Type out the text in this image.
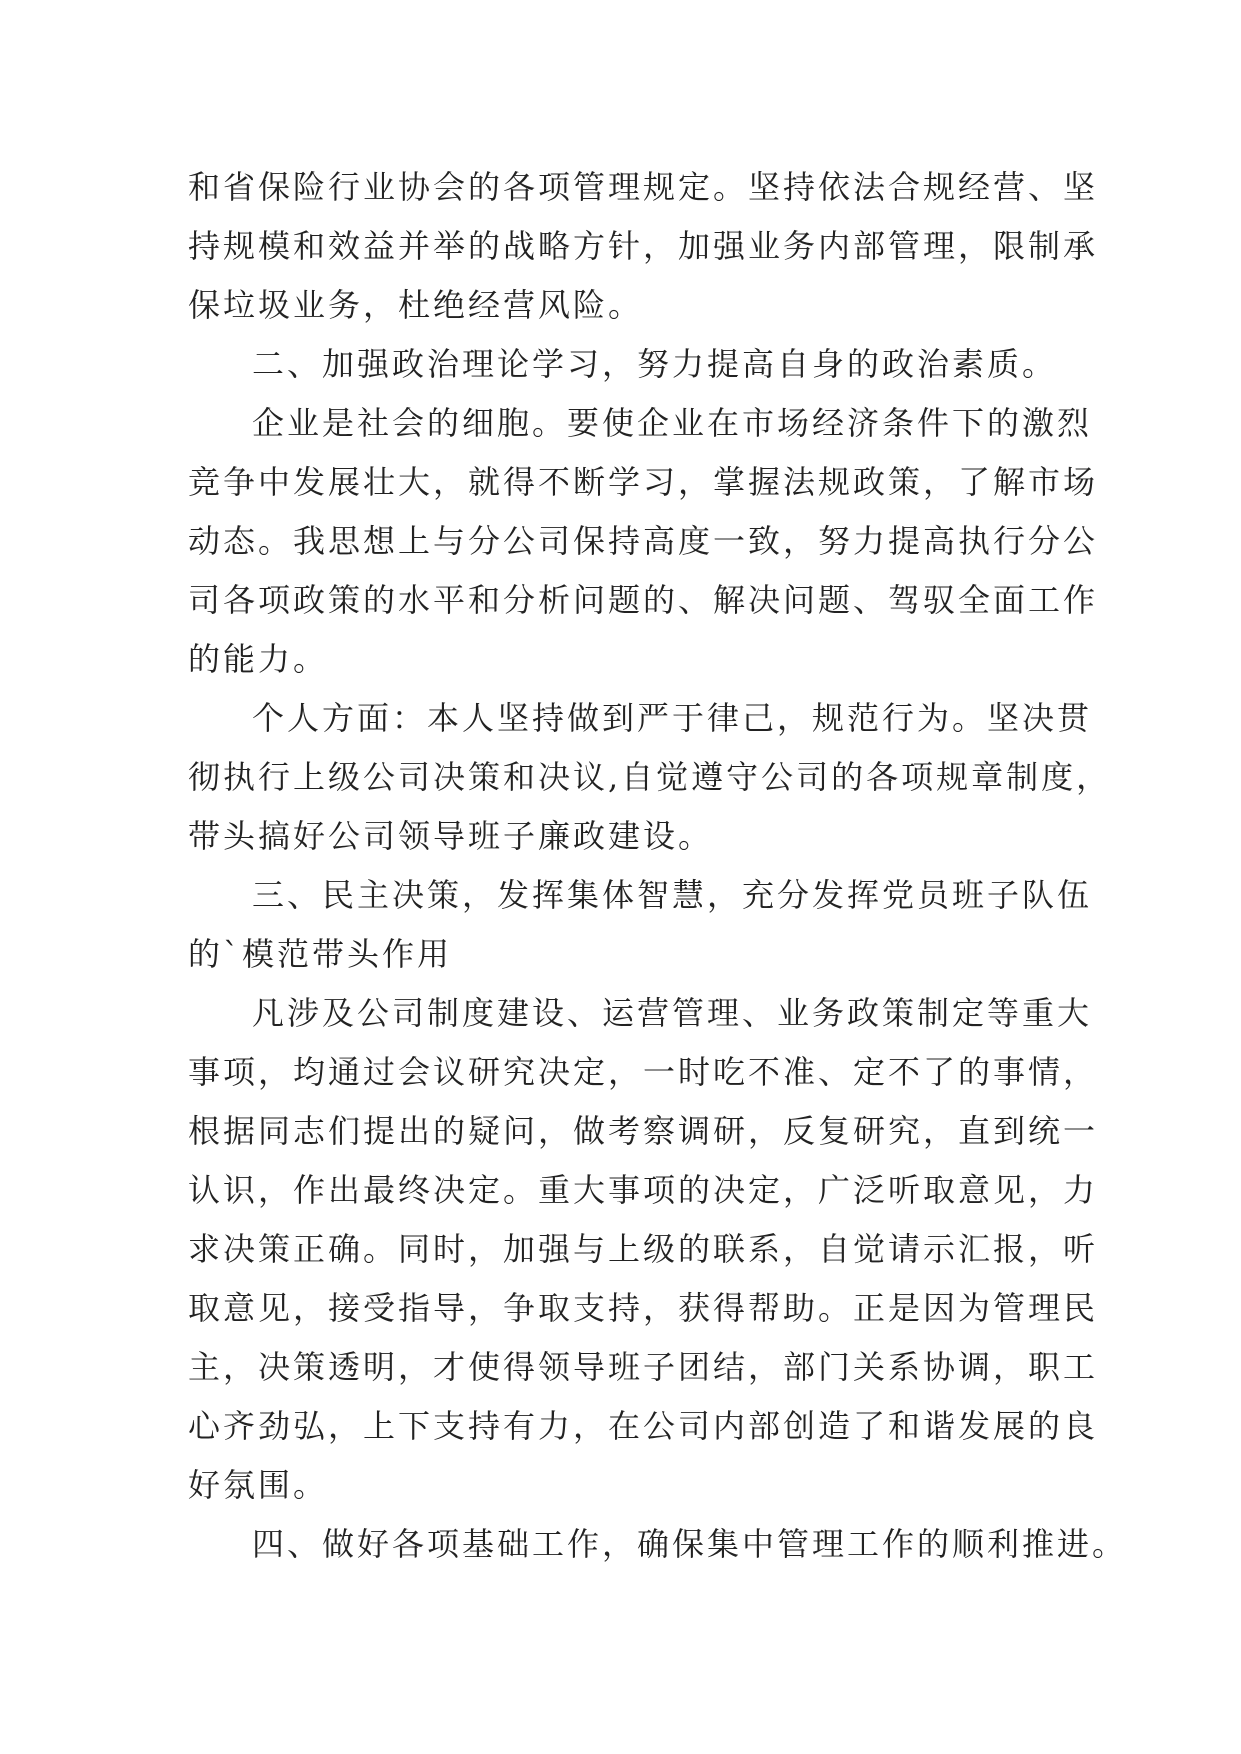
和省保险行业协会的各项管理规定。坚持依法合规经营、坚
持规模和效益并举的战略方针，加强业务内部管理，限制承
保垃圾业务，杜绝经营风险。

二、加强政治理论学习，努力提高自身的政治素质。

企业是社会的细胞。要使企业在市场经济条件下的激烈
竞争中发展壮大，就得不断学习，掌握法规政策，了解市场
动态。我思想上与分公司保持高度一致，努力提高执行分公
司各项政策的水平和分析问题的、解决问题、驾驭全面工作
的能力。

个人方面：本人坚持做到严于律己，规范行为。坚决贯
彻执行上级公司决策和决议,自觉遵守公司的各项规章制度，
带头搞好公司领导班子廉政建设。

三、民主决策，发挥集体智慧，充分发挥党员班子队伍
的`模范带头作用

凡涉及公司制度建设、运营管理、业务政策制定等重大
事项，均通过会议研究决定，一时吃不准、定不了的事情，
根据同志们提出的疑问，做考察调研，反复研究，直到统一
认识，作出最终决定。重大事项的决定，广泛听取意见，力
求决策正确。同时，加强与上级的联系，自觉请示汇报，听
取意见，接受指导，争取支持，获得帮助。正是因为管理民
主，决策透明，才使得领导班子团结，部门关系协调，职工
心齐劲弘，上下支持有力，在公司内部创造了和谐发展的良
好氛围。

四、做好各项基础工作，确保集中管理工作的顺利推进。
